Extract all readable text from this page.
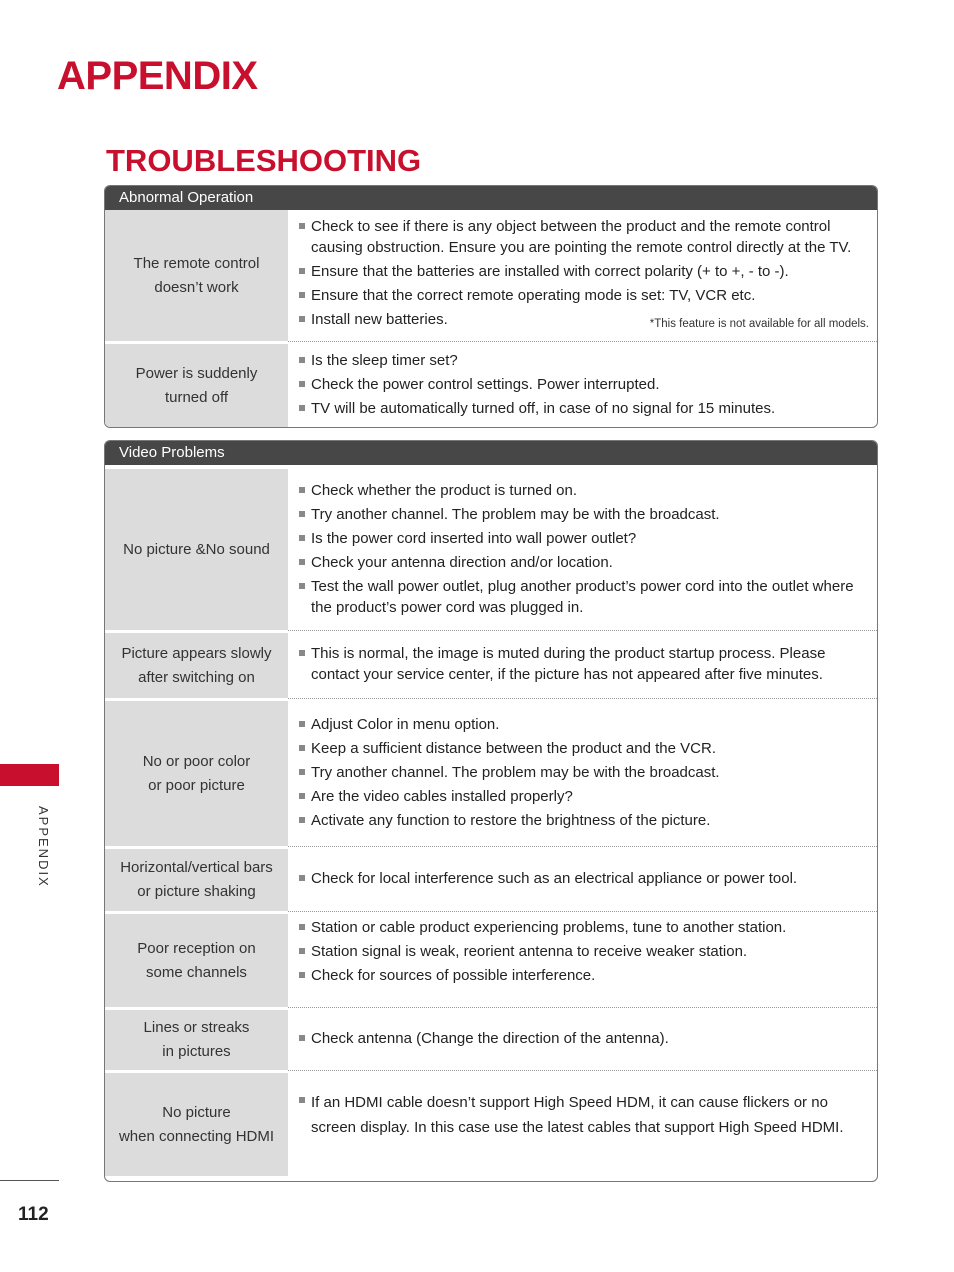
APPENDIX
TROUBLESHOOTING
Abnormal Operation
The remote control
doesn’t work
Check to see if there is any object between the product and the remote control causing obstruction. Ensure you are pointing the remote control directly at the TV.
Ensure that the batteries are installed with correct polarity (+ to +, - to -).
Ensure that the correct remote operating mode is set: TV, VCR etc.
Install new batteries.	*This feature is not available for all models.
Power is suddenly
turned off
Is the sleep timer set?
Check the power control settings. Power interrupted.
TV will be automatically turned off, in case of no signal for 15 minutes.
Video Problems
No picture &No sound
Check whether the product is turned on.
Try another channel. The problem may be with the broadcast.
Is the power cord inserted into wall power outlet?
Check your antenna direction and/or location.
Test the wall power outlet, plug another product’s power cord into the outlet where the product’s power cord was plugged in.
Picture appears slowly
after switching on
This is normal, the image is muted during the product startup process. Please contact your service center, if the picture has not appeared after five minutes.
No or poor color
or poor picture
Adjust Color in menu option.
Keep a sufficient distance between the product and the VCR.
Try another channel. The problem may be with the broadcast.
Are the video cables installed properly?
Activate any function to restore the brightness of the picture.
Horizontal/vertical bars
or picture shaking
Check for local interference such as an electrical appliance or power tool.
Poor reception on
some channels
Station or cable product experiencing problems, tune to another station.
Station signal is weak, reorient antenna to receive weaker station.
Check for sources of possible interference.
Lines or streaks
in pictures
Check antenna (Change the direction of the antenna).
No picture
when connecting HDMI
If an HDMI cable doesn’t support High Speed HDM, it can cause flickers or no screen display. In this case use the latest cables that support High Speed HDMI.
APPENDIX
112
